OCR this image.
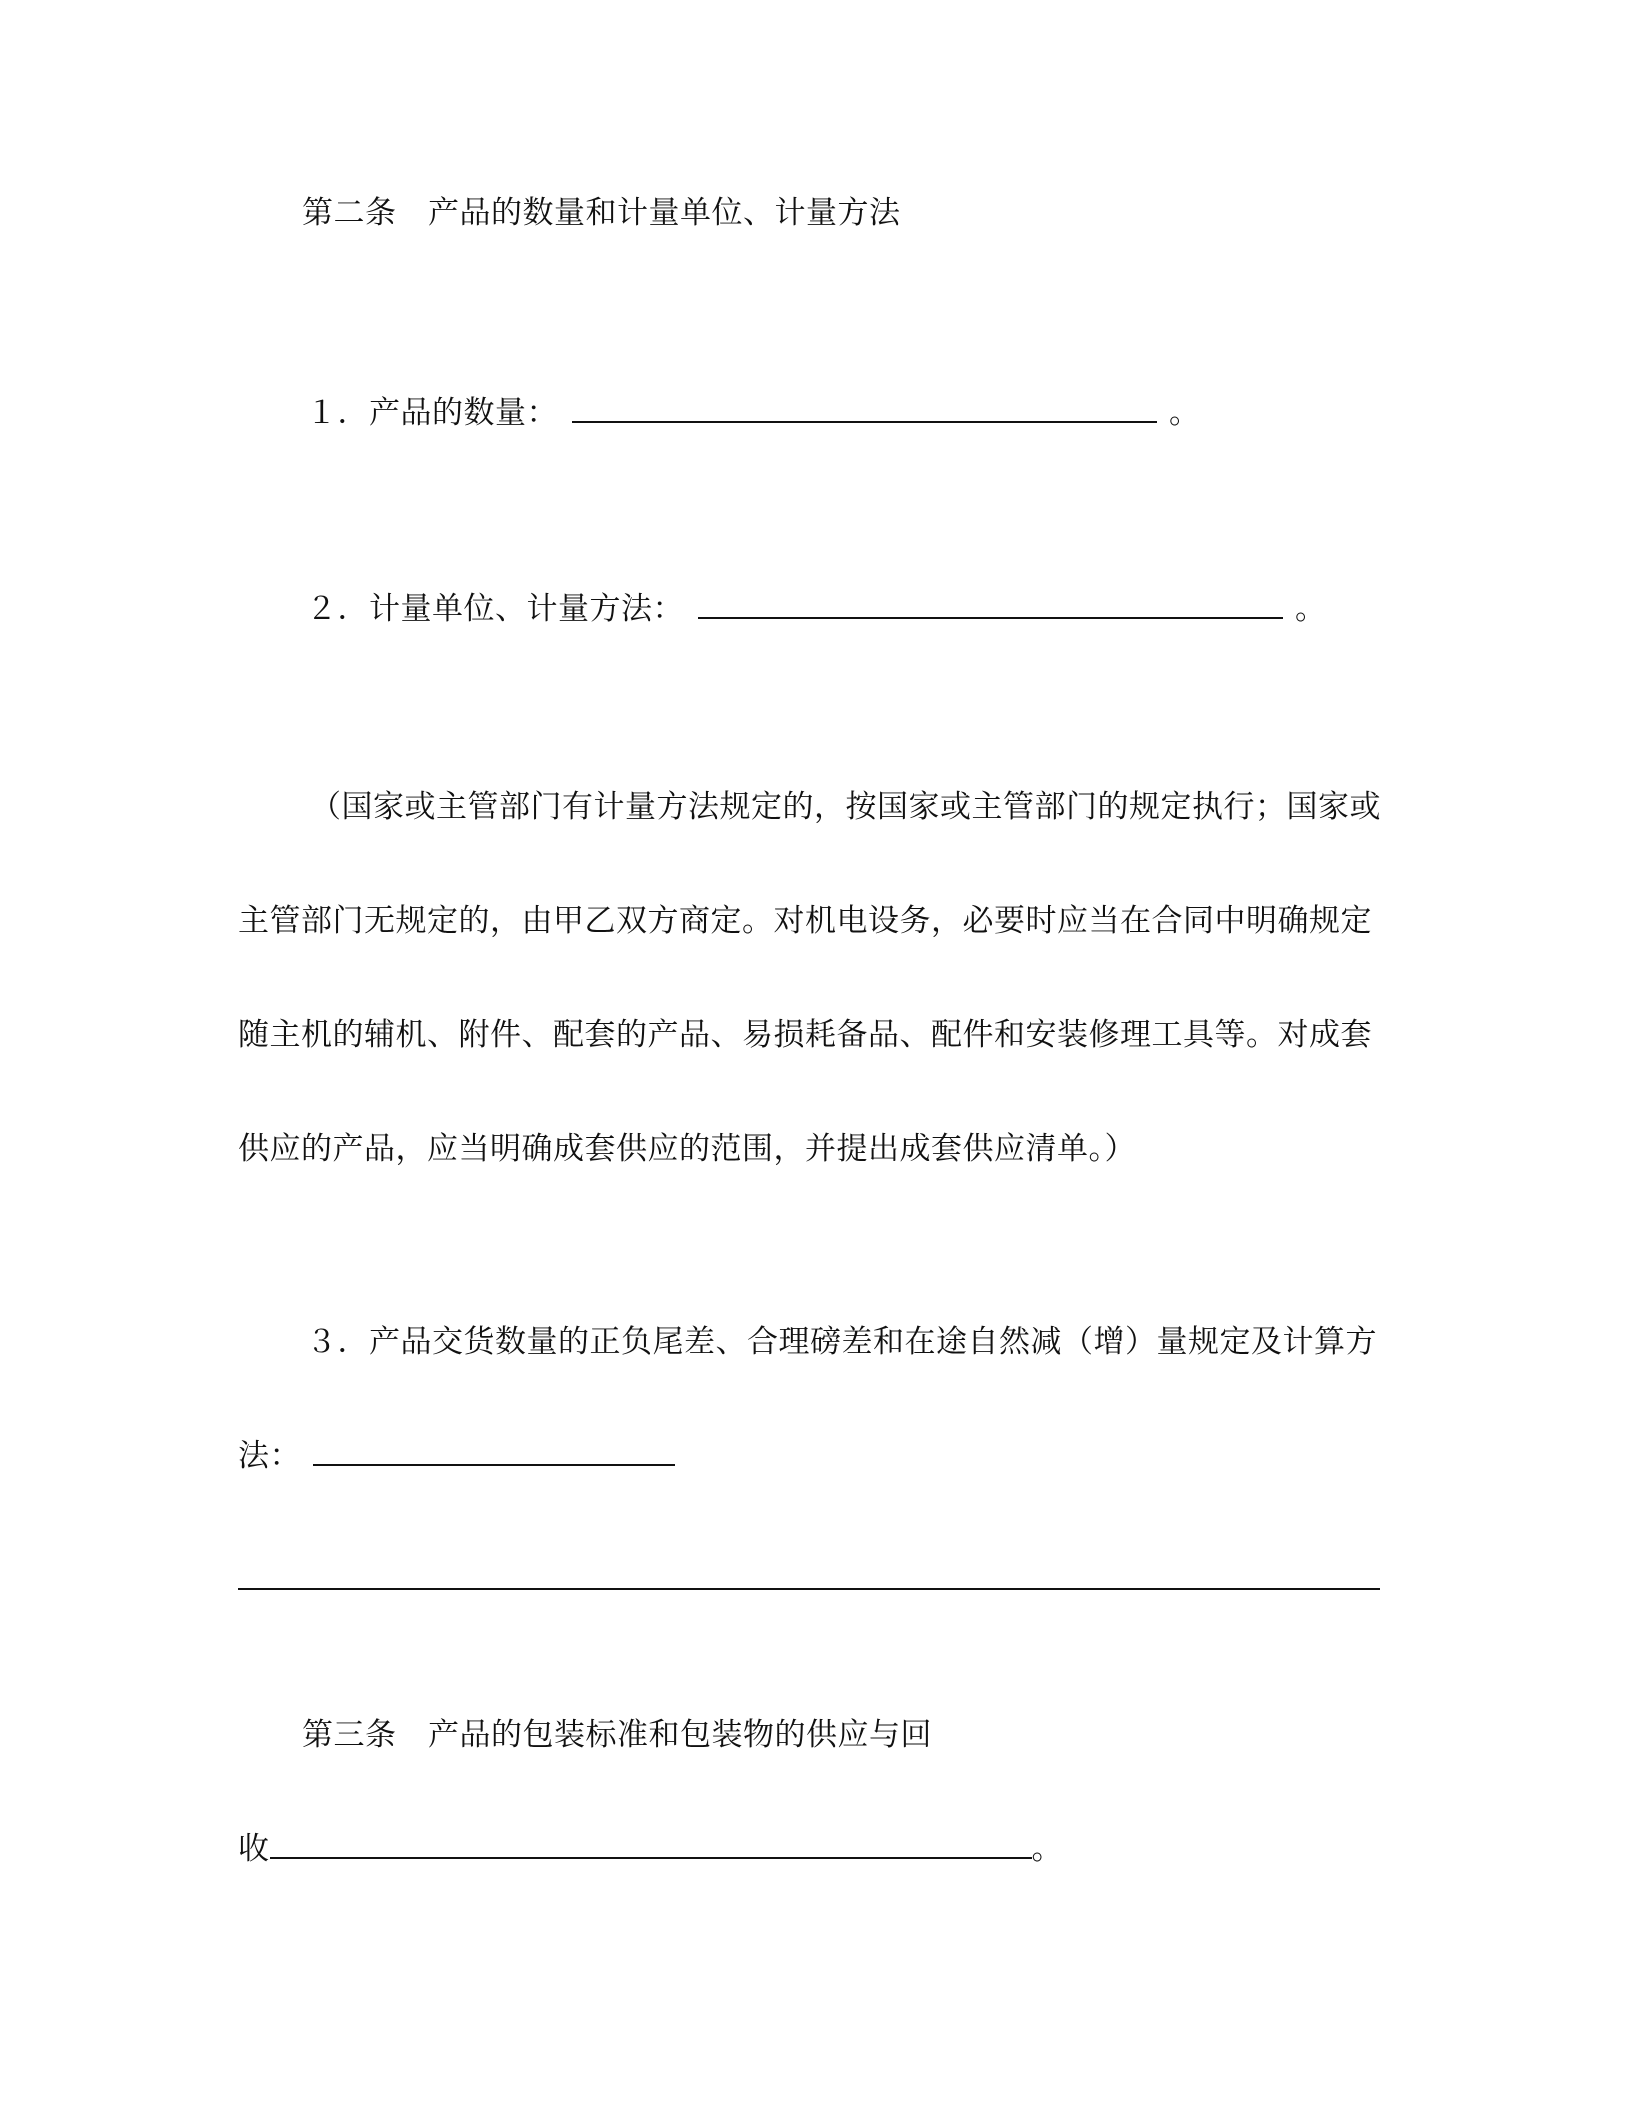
第二条　产品的数量和计量单位、计量方法
１．产品的数量：	。
２．计量单位、计量方法：	。
（国家或主管部门有计量方法规定的，按国家或主管部门的规定执行；国家或
主管部门无规定的，由甲乙双方商定。对机电设务，必要时应当在合同中明确规定
随主机的辅机、附件、配套的产品、易损耗备品、配件和安装修理工具等。对成套
供应的产品，应当明确成套供应的范围，并提出成套供应清单。）
３．产品交货数量的正负尾差、合理磅差和在途自然减（增）量规定及计算方
法：
第三条　产品的包装标准和包装物的供应与回
收	。
